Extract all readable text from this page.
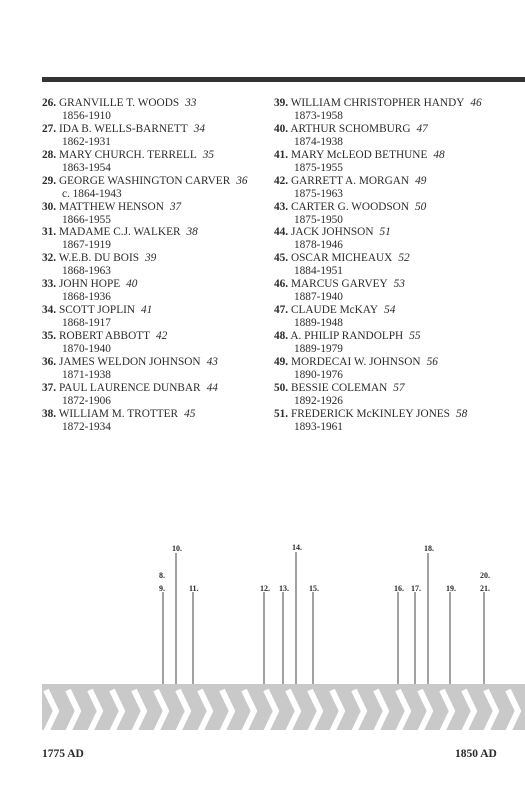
26. GRANVILLE T. WOODS 33
1856-1910
27. IDA B. WELLS-BARNETT 34
1862-1931
28. MARY CHURCH. TERRELL 35
1863-1954
29. GEORGE WASHINGTON CARVER 36
c. 1864-1943
30. MATTHEW HENSON 37
1866-1955
31. MADAME C.J. WALKER 38
1867-1919
32. W.E.B. DU BOIS 39
1868-1963
33. JOHN HOPE 40
1868-1936
34. SCOTT JOPLIN 41
1868-1917
35. ROBERT ABBOTT 42
1870-1940
36. JAMES WELDON JOHNSON 43
1871-1938
37. PAUL LAURENCE DUNBAR 44
1872-1906
38. WILLIAM M. TROTTER 45
1872-1934
39. WILLIAM CHRISTOPHER HANDY 46
1873-1958
40. ARTHUR SCHOMBURG 47
1874-1938
41. MARY McLEOD BETHUNE 48
1875-1955
42. GARRETT A. MORGAN 49
1875-1963
43. CARTER G. WOODSON 50
1875-1950
44. JACK JOHNSON 51
1878-1946
45. OSCAR MICHEAUX 52
1884-1951
46. MARCUS GARVEY 53
1887-1940
47. CLAUDE McKAY 54
1889-1948
48. A. PHILIP RANDOLPH 55
1889-1979
49. MORDECAI W. JOHNSON 56
1890-1976
50. BESSIE COLEMAN 57
1892-1926
51. FREDERICK McKINLEY JONES 58
1893-1961
8.
9.
10.
11.	12. 13.
14.
15.	16. 17.
18.
19.
20.
21.
1775 AD	1850 AD
